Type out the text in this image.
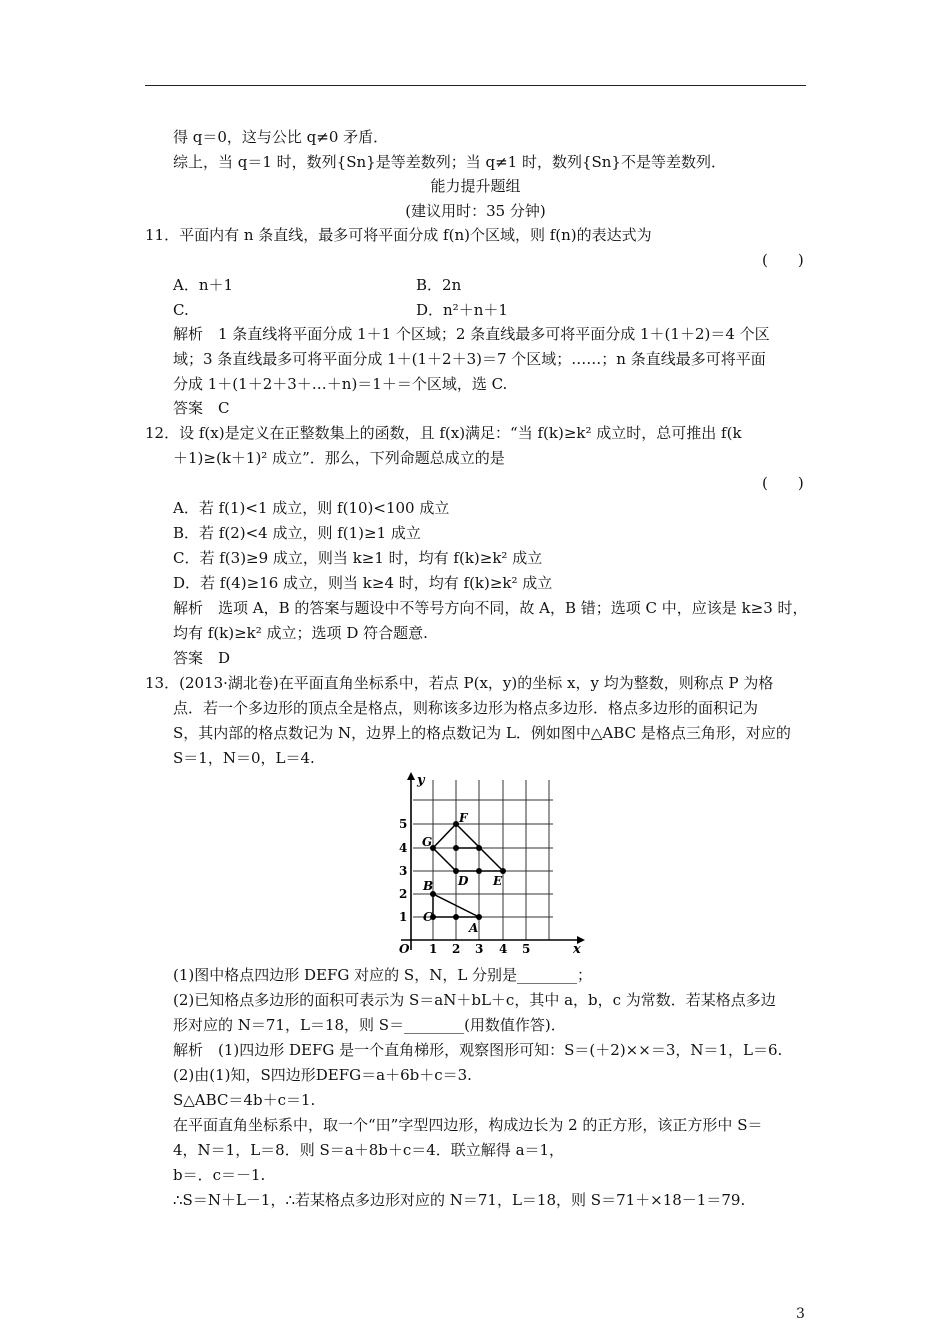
得 q＝0，这与公比 q≠0 矛盾．
综上，当 q＝1 时，数列{Sn}是等差数列；当 q≠1 时，数列{Sn}不是等差数列．
能力提升题组
(建议用时：35 分钟)
11．平面内有 n 条直线，最多可将平面分成 f(n)个区域，则 f(n)的表达式为
(　　)
A．n＋1	B．2n
C.	D．n²＋n＋1
解析　1 条直线将平面分成 1＋1 个区域；2 条直线最多可将平面分成 1＋(1＋2)＝4 个区
域；3 条直线最多可将平面分成 1＋(1＋2＋3)＝7 个区域；……；n 条直线最多可将平面
分成 1＋(1＋2＋3＋…＋n)＝1＋＝个区域，选 C.
答案　C
12．设 f(x)是定义在正整数集上的函数，且 f(x)满足：“当 f(k)≥k² 成立时，总可推出 f(k
＋1)≥(k＋1)² 成立”．那么，下列命题总成立的是
(　　)
A．若 f(1)<1 成立，则 f(10)<100 成立
B．若 f(2)<4 成立，则 f(1)≥1 成立
C．若 f(3)≥9 成立，则当 k≥1 时，均有 f(k)≥k² 成立
D．若 f(4)≥16 成立，则当 k≥4 时，均有 f(k)≥k² 成立
解析　选项 A，B 的答案与题设中不等号方向不同，故 A，B 错；选项 C 中，应该是 k≥3 时，
均有 f(k)≥k² 成立；选项 D 符合题意.
答案　D
13．(2013·湖北卷)在平面直角坐标系中，若点 P(x，y)的坐标 x，y 均为整数，则称点 P 为格
点．若一个多边形的顶点全是格点，则称该多边形为格点多边形．格点多边形的面积记为
S，其内部的格点数记为 N，边界上的格点数记为 L．例如图中△ABC 是格点三角形，对应的
S＝1，N＝0，L＝4.
y
x
O 1 2 3 4 5
1
2
3
4
5
A
B
C
D E
F
G
(1)图中格点四边形 DEFG 对应的 S，N，L 分别是________；
(2)已知格点多边形的面积可表示为 S＝aN＋bL＋c，其中 a，b，c 为常数．若某格点多边
形对应的 N＝71，L＝18，则 S＝________(用数值作答)．
解析　(1)四边形 DEFG 是一个直角梯形，观察图形可知：S＝(＋2)××＝3，N＝1，L＝6.
(2)由(1)知，S四边形DEFG＝a＋6b＋c＝3.
S△ABC＝4b＋c＝1.
在平面直角坐标系中，取一个“田”字型四边形，构成边长为 2 的正方形，该正方形中 S＝
4，N＝1，L＝8．则 S＝a＋8b＋c＝4．联立解得 a＝1，
b＝．c＝－1.
∴S＝N＋L－1，∴若某格点多边形对应的 N＝71，L＝18，则 S＝71＋×18－1＝79.
3
